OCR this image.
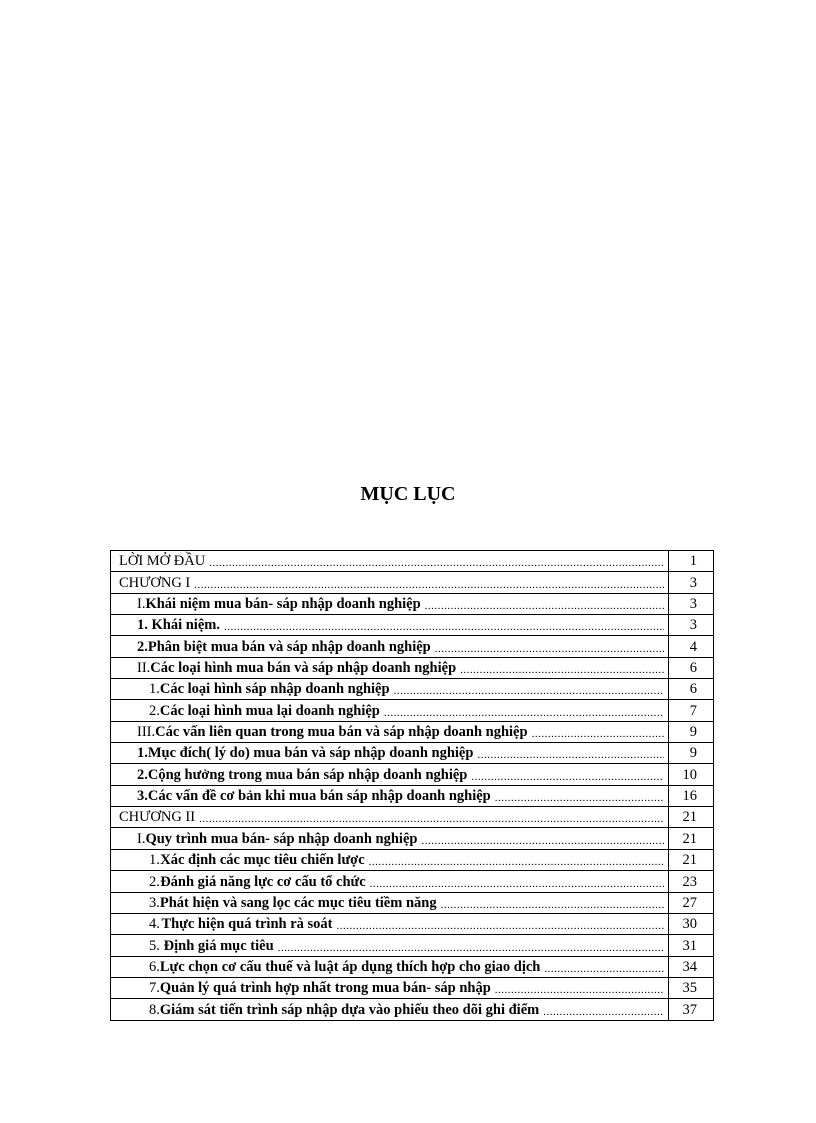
MỤC LỤC
LỜI MỞ ĐẦU .....	1
CHƯƠNG I .....	3
I. Khái niệm mua bán- sáp nhập doanh nghiệp .....	3
1. Khái niệm. .....	3
2. Phân biệt mua bán và sáp nhập doanh nghiệp .....	4
II. Các loại hình mua bán và sáp nhập doanh nghiệp .....	6
1. Các loại hình sáp nhập doanh nghiệp .....	6
2. Các loại hình mua lại doanh nghiệp .....	7
III. Các vấn liên quan trong mua bán và sáp nhập doanh nghiệp .....	9
1. Mục đích( lý do) mua bán và sáp nhập doanh nghiệp .....	9
2. Cộng hưởng trong mua bán sáp nhập doanh nghiệp .....	10
3. Các vấn đề cơ bản khi mua bán sáp nhập doanh nghiệp .....	16
CHƯƠNG II .....	21
I. Quy trình mua bán- sáp nhập doanh nghiệp .....	21
1. Xác định các mục tiêu chiến lược .....	21
2. Đánh giá năng lực cơ cấu tổ chức .....	23
3. Phát hiện và sang lọc các mục tiêu tiềm năng .....	27
4. Thực hiện quá trình rà soát .....	30
5. Định giá mục tiêu .....	31
6. Lực chọn cơ cấu thuế và luật áp dụng thích hợp cho giao dịch .....	34
7. Quản lý quá trình hợp nhất trong mua bán- sáp nhập .....	35
8. Giám sát tiến trình sáp nhập dựa vào phiếu theo dõi ghi điểm .....	37
